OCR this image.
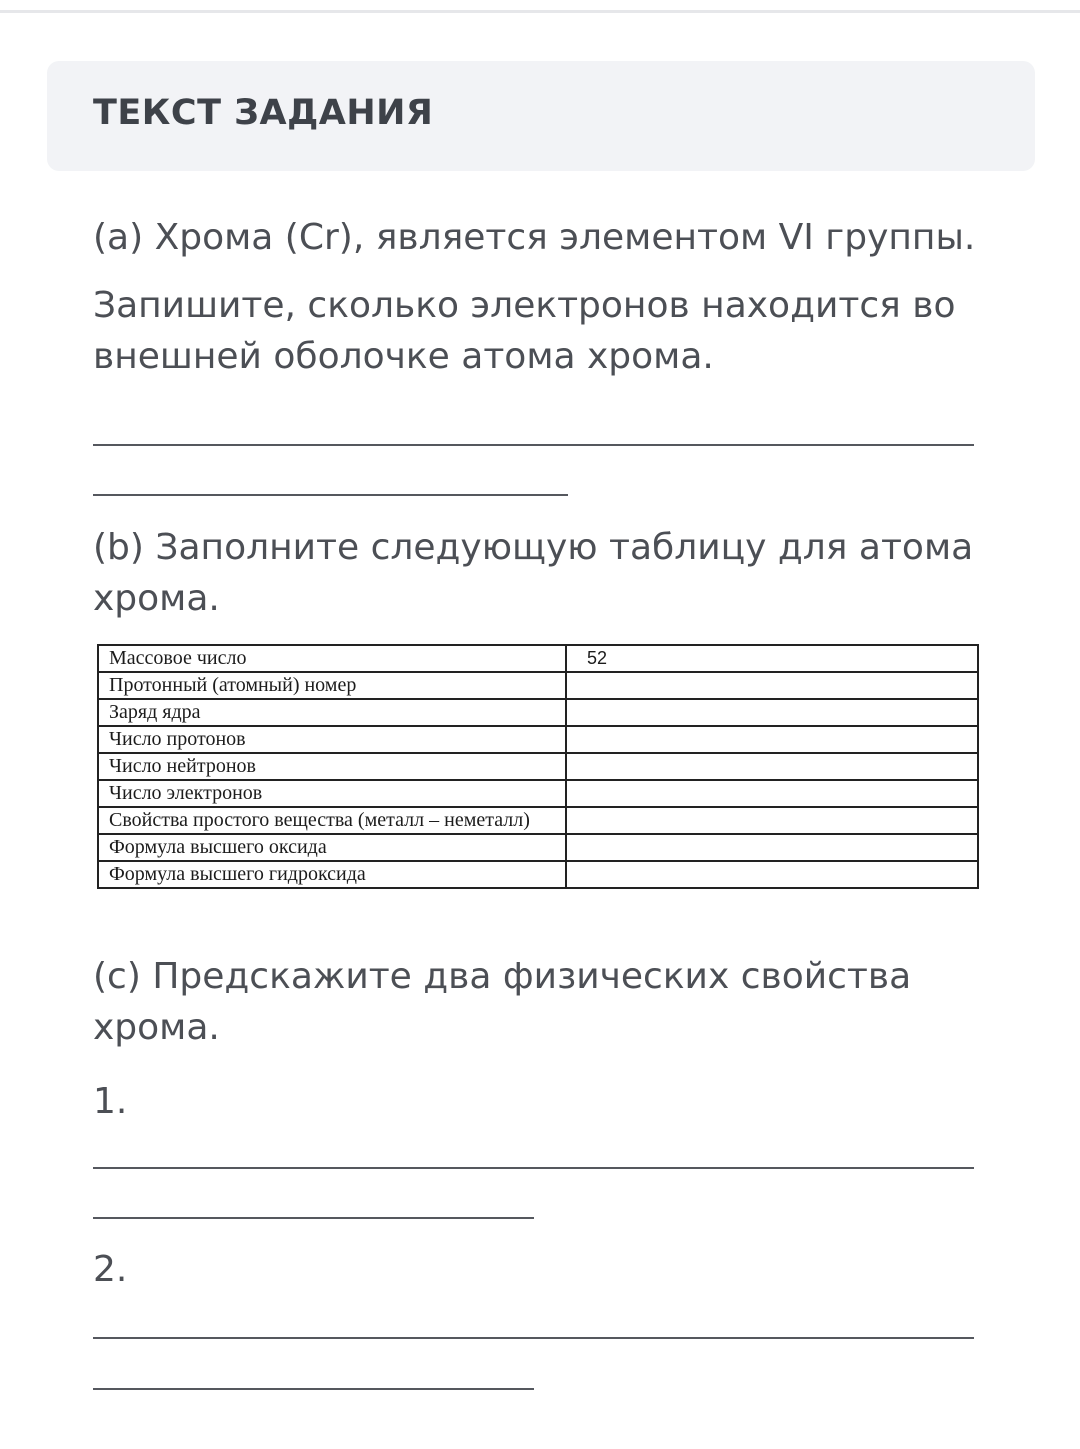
ТЕКСТ ЗАДАНИЯ

(a) Хрома (Cr), является элементом VI группы.

Запишите, сколько электронов находится во внешней оболочке атома хрома.

(b) Заполните следующую таблицу для атома хрома.

Массовое число	52
Протонный (атомный) номер	
Заряд ядра	
Число протонов	
Число нейтронов	
Число электронов	
Свойства простого вещества (металл – неметалл)	
Формула высшего оксида	
Формула высшего гидроксида	

(c) Предскажите два физических свойства хрома.

1.

2.
